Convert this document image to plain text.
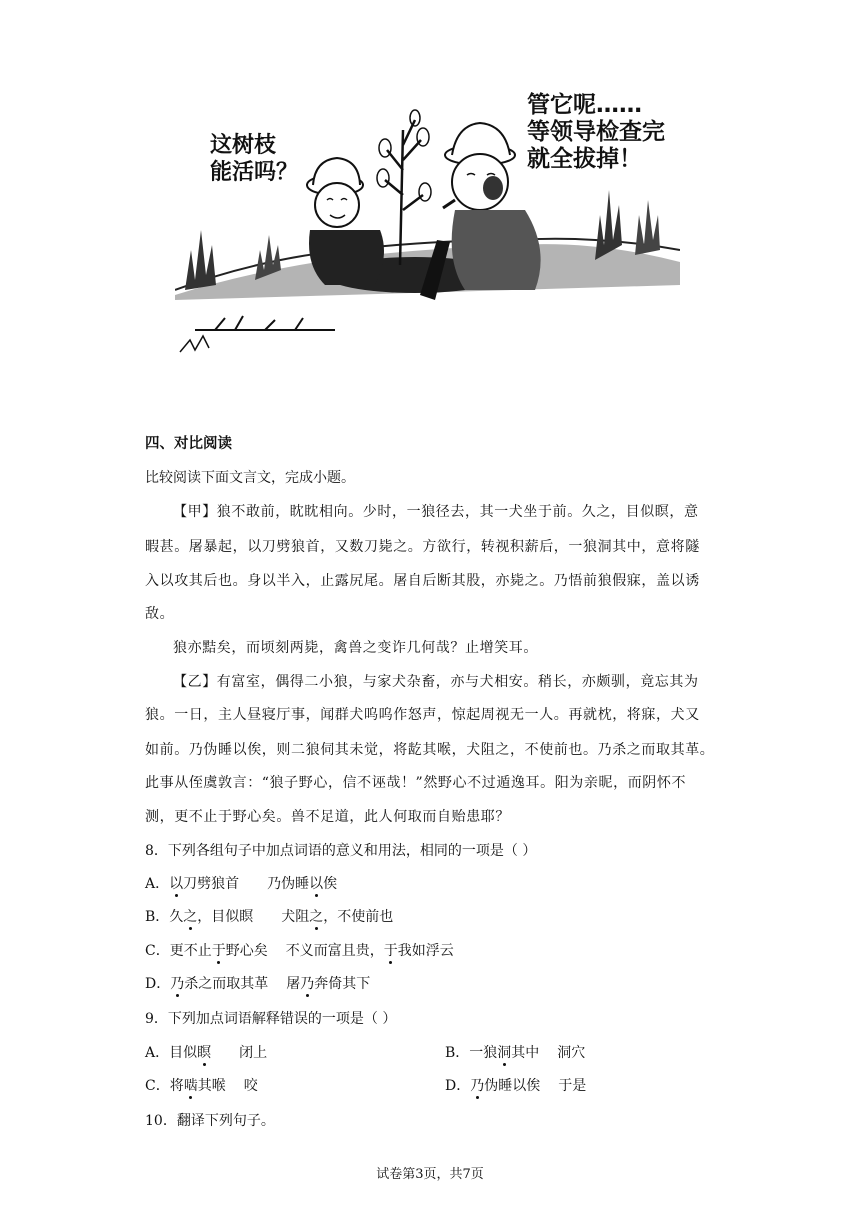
这树枝
能活吗？
管它呢……
等领导检查完
就全拔掉！
四、对比阅读
比较阅读下面文言文，完成小题。
【甲】狼不敢前，眈眈相向。少时，一狼径去，其一犬坐于前。久之，目似瞑，意
暇甚。屠暴起，以刀劈狼首，又数刀毙之。方欲行，转视积薪后，一狼洞其中，意将隧
入以攻其后也。身以半入，止露尻尾。屠自后断其股，亦毙之。乃悟前狼假寐，盖以诱
敌。
狼亦黠矣，而顷刻两毙，禽兽之变诈几何哉？止增笑耳。
【乙】有富室，偶得二小狼，与家犬杂畜，亦与犬相安。稍长，亦颇驯，竟忘其为
狼。一日，主人昼寝厅事，闻群犬呜呜作怒声，惊起周视无一人。再就枕，将寐，犬又
如前。乃伪睡以俟，则二狼伺其未觉，将龁其喉，犬阻之，不使前也。乃杀之而取其革。
此事从侄虞敦言：“狼子野心，信不诬哉！”然野心不过遁逸耳。阳为亲昵，而阴怀不
测，更不止于野心矣。兽不足道，此人何取而自贻患耶？
8．下列各组句子中加点词语的意义和用法，相同的一项是（ ）
A．以刀劈狼首 乃伪睡以俟
B．久之，目似瞑 犬阻之，不使前也
C．更不止于野心矣 不义而富且贵，于我如浮云
D．乃杀之而取其革 屠乃奔倚其下
9．下列加点词语解释错误的一项是（ ）
A．目似瞑 闭上	B．一狼洞其中 洞穴
C．将啮其喉 咬	D．乃伪睡以俟 于是
10．翻译下列句子。
试卷第3页，共7页
